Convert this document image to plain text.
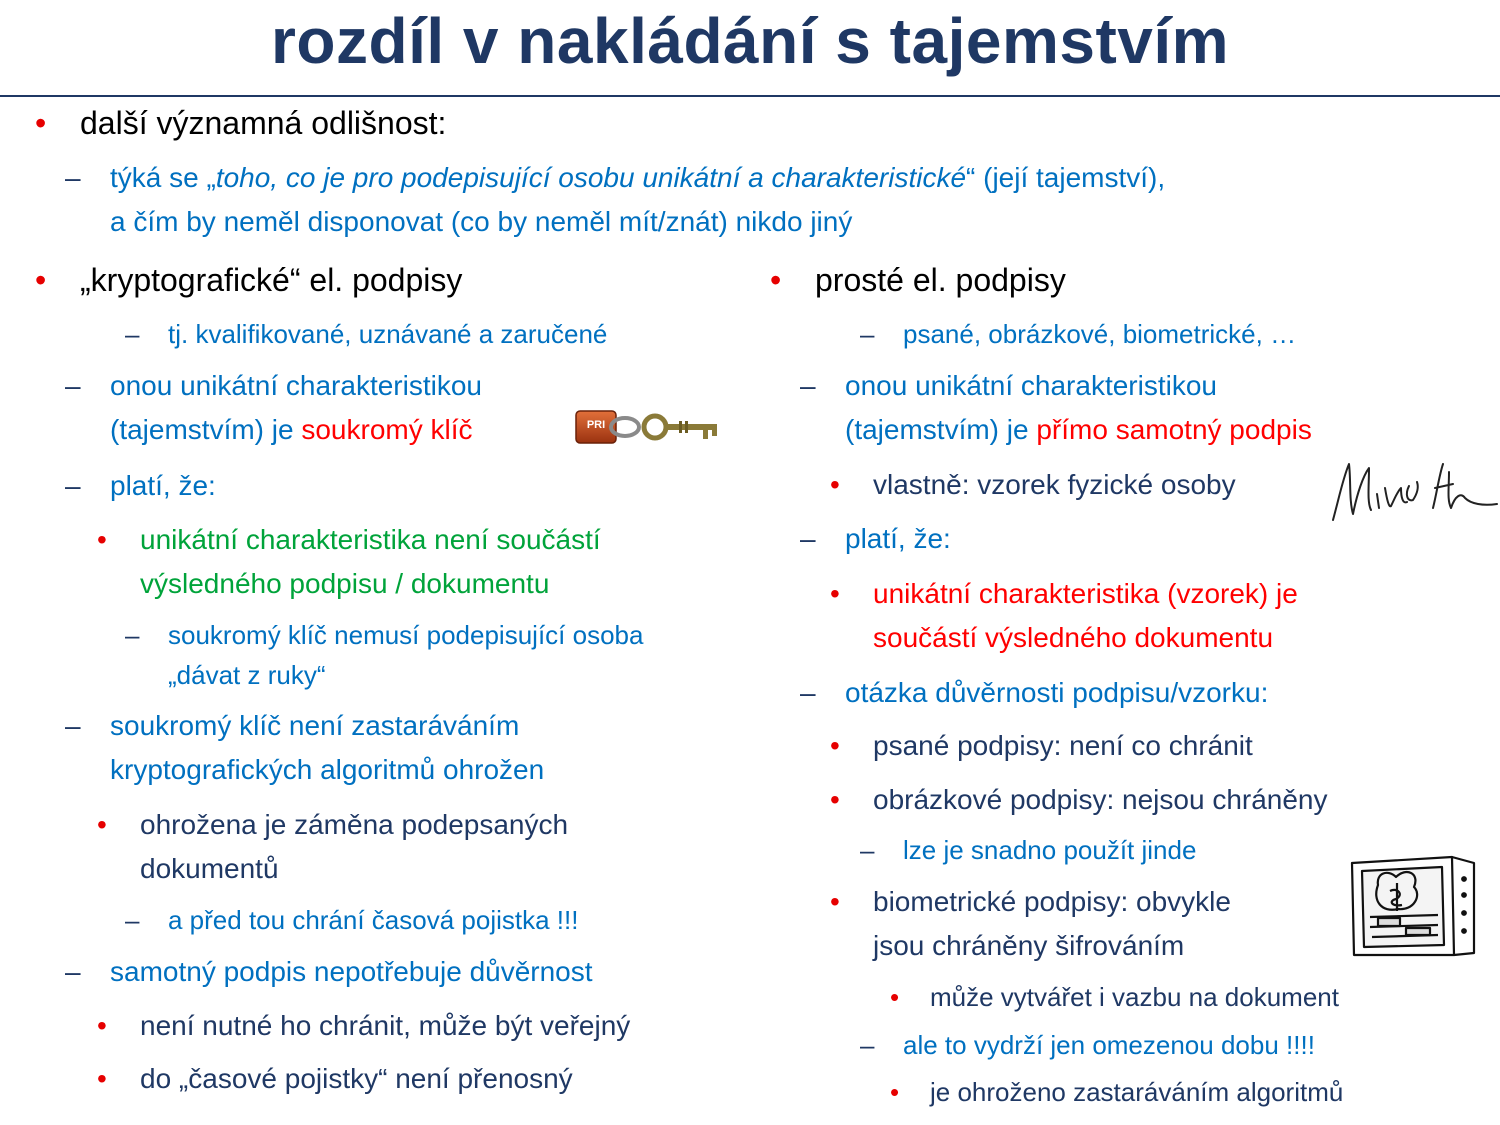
rozdíl v nakládání s tajemstvím
• další významná odlišnost:
– týká se „toho, co je pro podepisující osobu unikátní a charakteristické“ (její tajemství),
a čím by neměl disponovat (co by neměl mít/znát) nikdo jiný
• „kryptografické“ el. podpisy
– tj. kvalifikované, uznávané a zaručené
– onou unikátní charakteristikou
(tajemstvím) je soukromý klíč	PRI
– platí, že:
• unikátní charakteristika není součástí
výsledného podpisu / dokumentu
– soukromý klíč nemusí podepisující osoba
„dávat z ruky“
– soukromý klíč není zastaráváním
kryptografických algoritmů ohrožen
• ohrožena je záměna podepsaných
dokumentů
– a před tou chrání časová pojistka !!!
– samotný podpis nepotřebuje důvěrnost
• není nutné ho chránit, může být veřejný
• do „časové pojistky“ není přenosný
• prosté el. podpisy
– psané, obrázkové, biometrické, …
– onou unikátní charakteristikou
(tajemstvím) je přímo samotný podpis
• vlastně: vzorek fyzické osoby
– platí, že:
• unikátní charakteristika (vzorek) je
součástí výsledného dokumentu
– otázka důvěrnosti podpisu/vzorku:
• psané podpisy: není co chránit
• obrázkové podpisy: nejsou chráněny
– lze je snadno použít jinde
• biometrické podpisy: obvykle
jsou chráněny šifrováním
• může vytvářet i vazbu na dokument
– ale to vydrží jen omezenou dobu !!!!
• je ohroženo zastaráváním algoritmů
